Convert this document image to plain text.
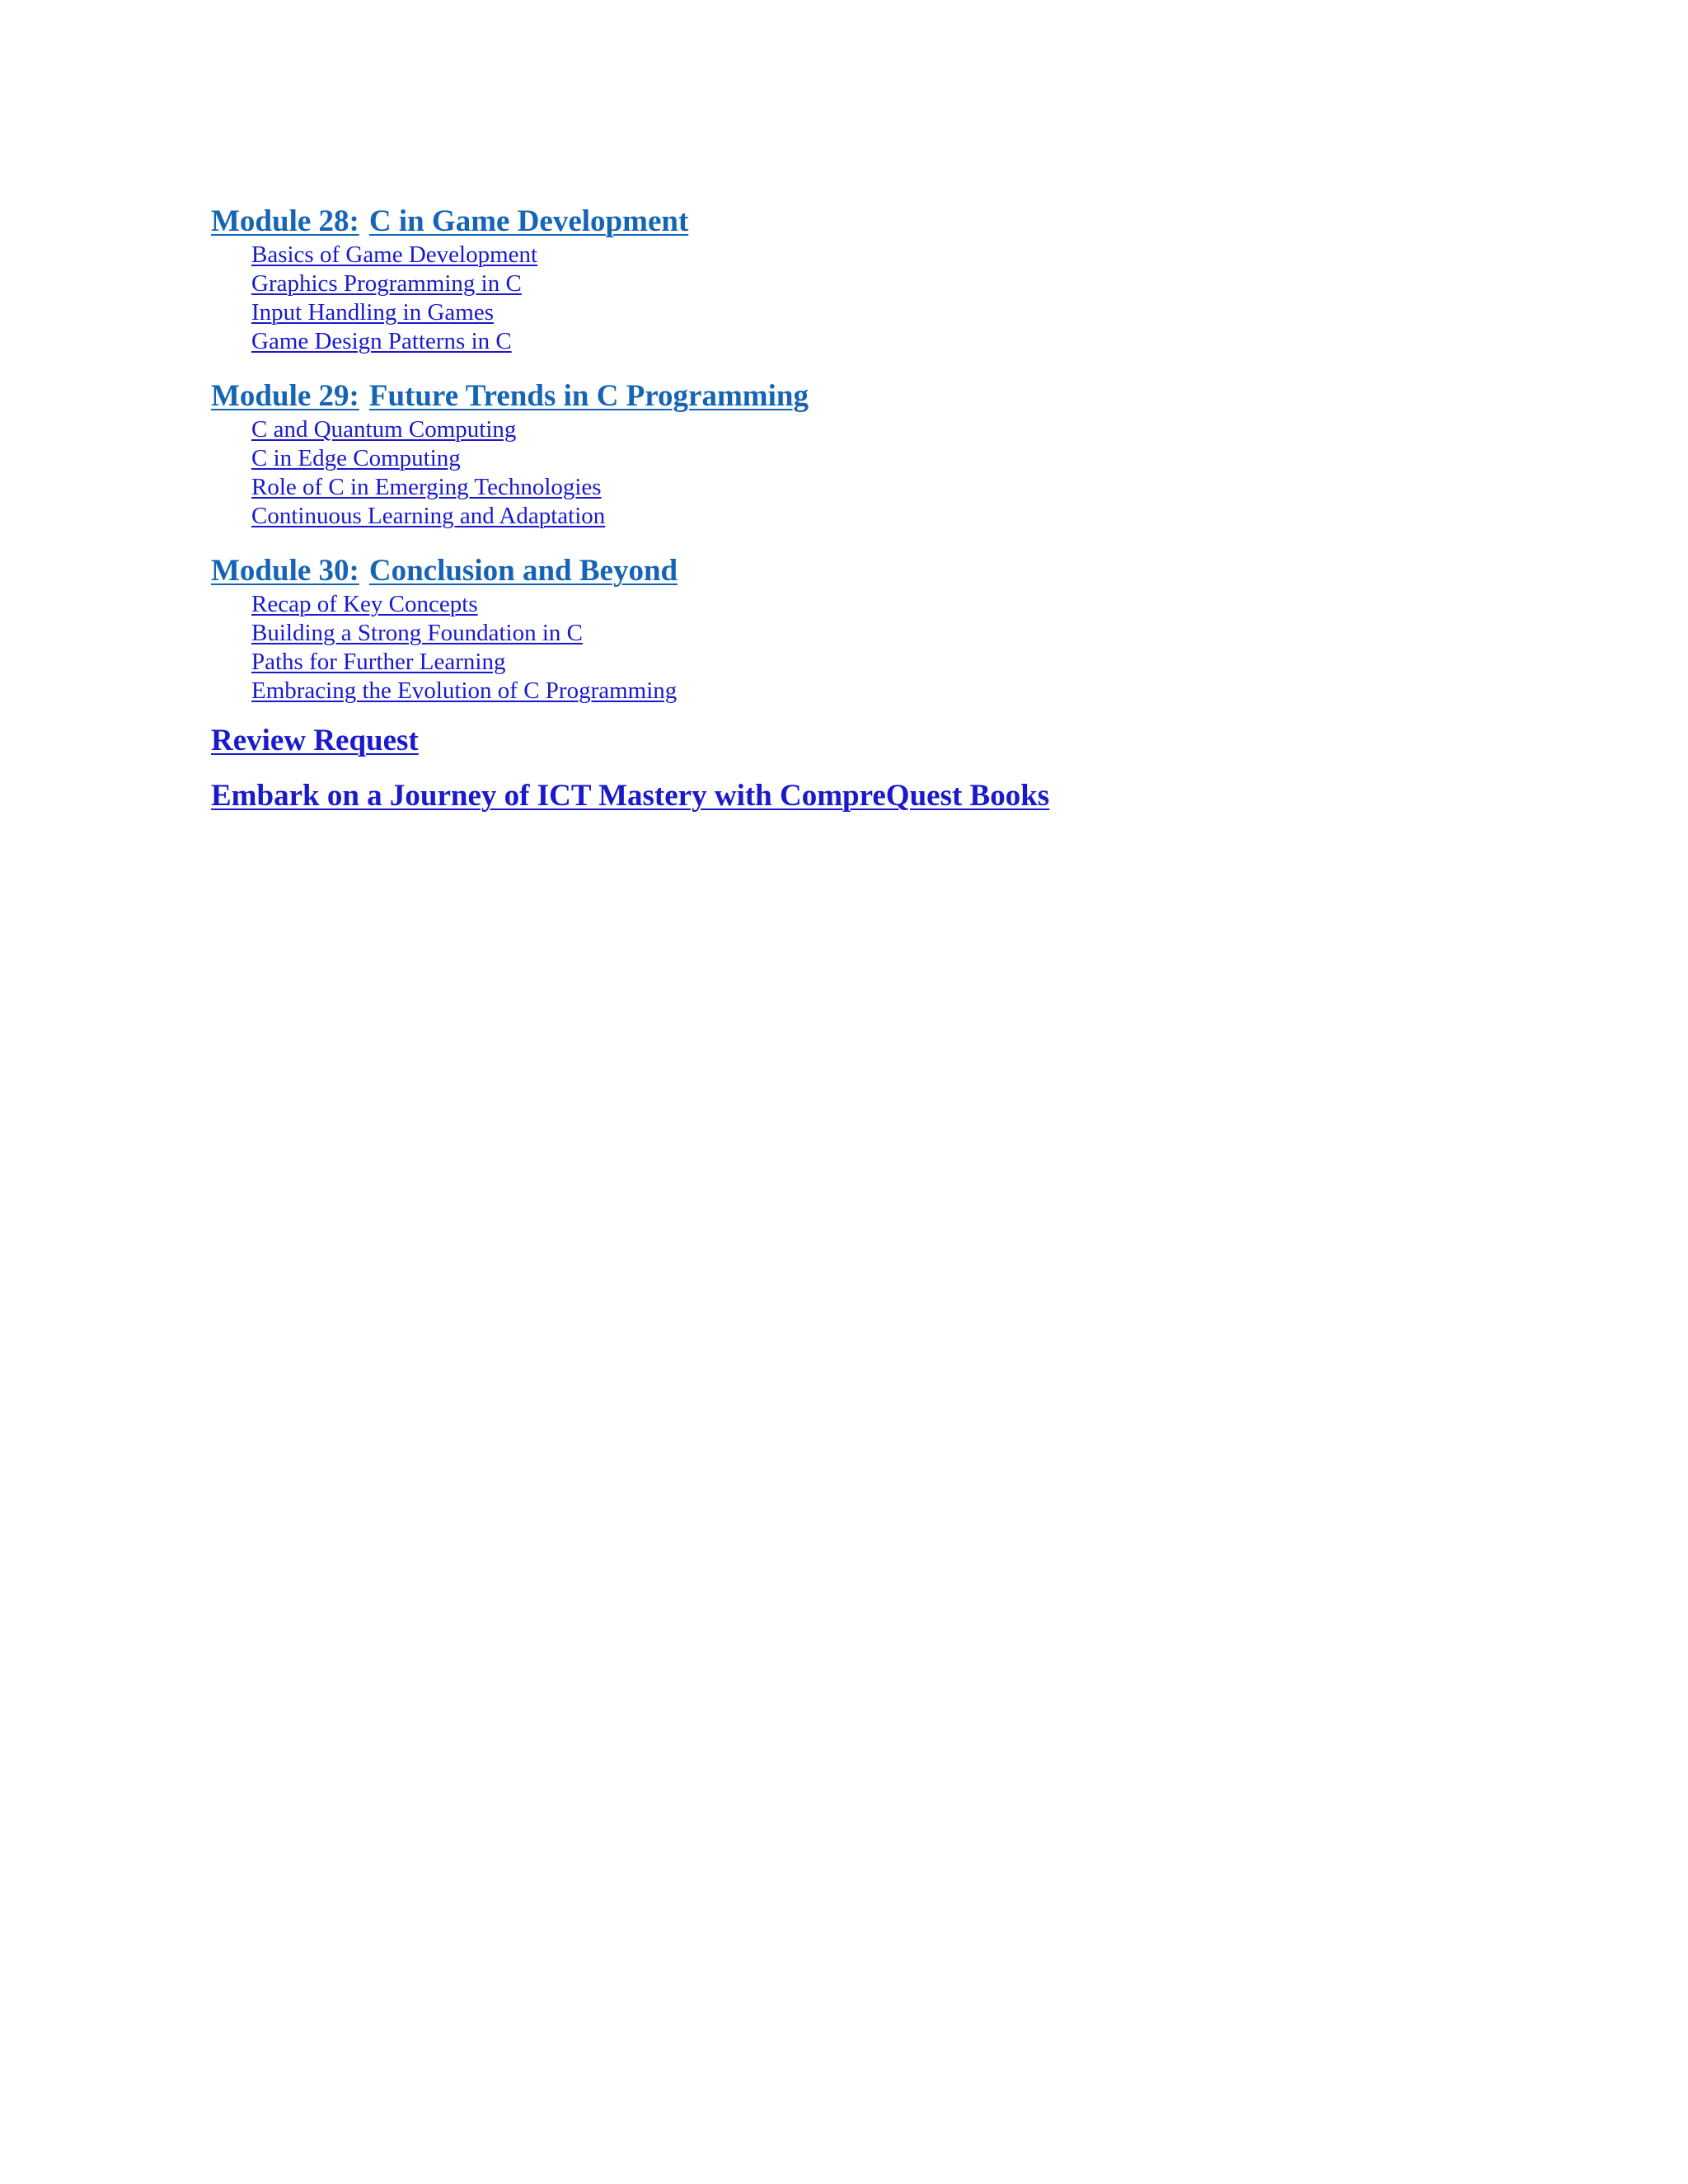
Module 28: C in Game Development
Basics of Game Development
Graphics Programming in C
Input Handling in Games
Game Design Patterns in C
Module 29: Future Trends in C Programming
C and Quantum Computing
C in Edge Computing
Role of C in Emerging Technologies
Continuous Learning and Adaptation
Module 30: Conclusion and Beyond
Recap of Key Concepts
Building a Strong Foundation in C
Paths for Further Learning
Embracing the Evolution of C Programming
Review Request
Embark on a Journey of ICT Mastery with CompreQuest Books
